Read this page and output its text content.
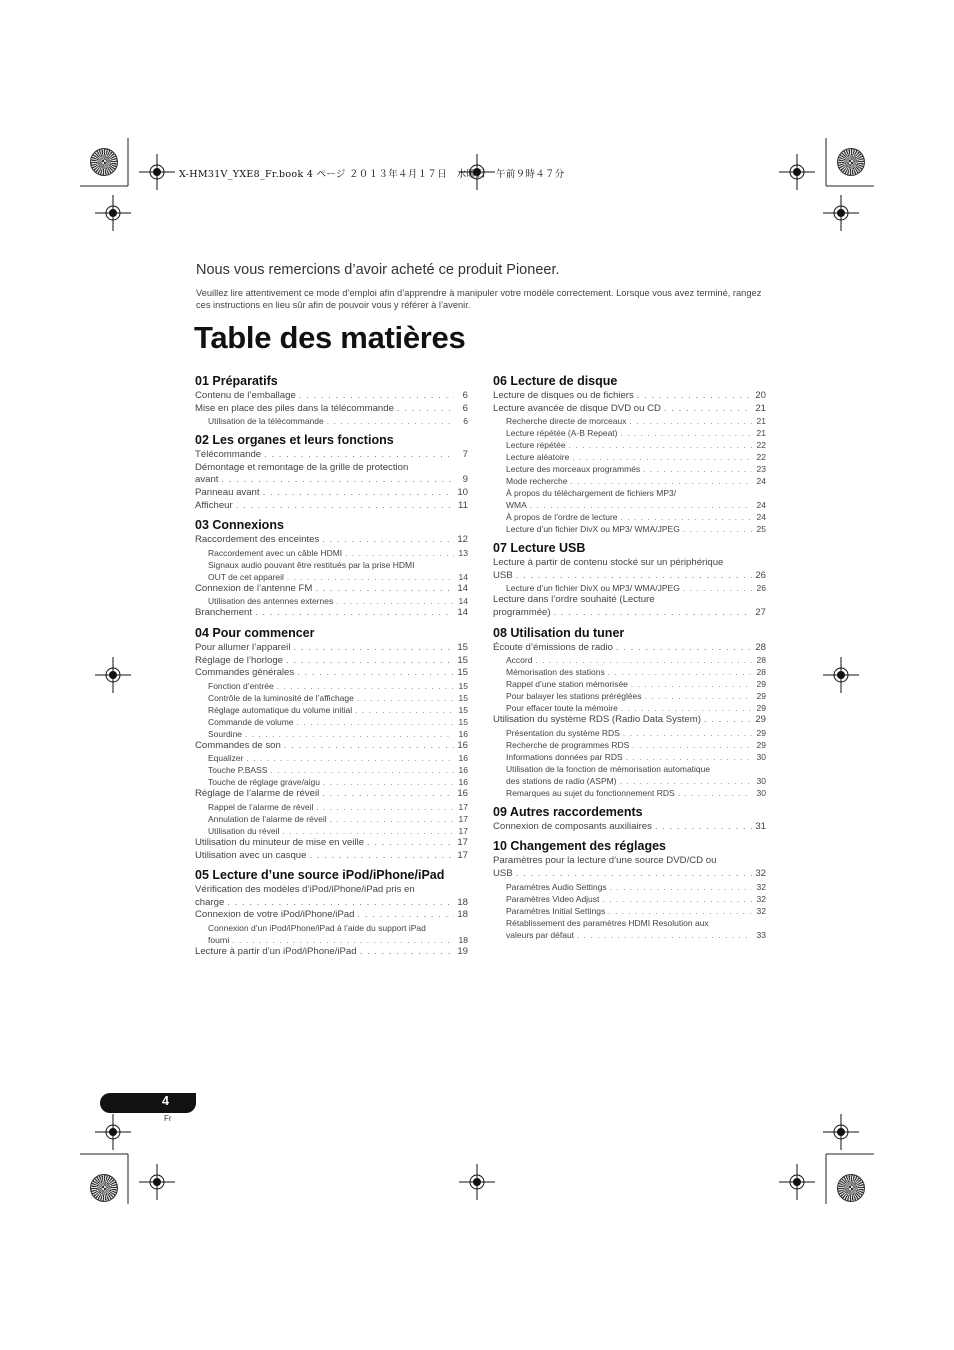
X-HM31V_YXE8_Fr.book 4 ページ ２０１３年４月１７日　水曜日　午前９時４７分
Nous vous remercions d’avoir acheté ce produit Pioneer.
Veuillez lire attentivement ce mode d’emploi afin d’apprendre à manipuler votre modèle correctement. Lorsque vous avez terminé, rangez ces instructions en lieu sûr afin de pouvoir vous y référer à l’avenir.
Table des matières
01 Préparatifs
Contenu de l’emballage . . .	6
Mise en place des piles dans la télécommande . . .	6
Utilisation de la télécommande . . .	6
02 Les organes et leurs fonctions
Télécommande . . .	7
Démontage et remontage de la grille de protection
avant . . .	9
Panneau avant . . .	10
Afficheur . . .	11
03 Connexions
Raccordement des enceintes . . .	12
Raccordement avec un câble HDMI . . .	13
Signaux audio pouvant être restitués par la prise HDMI
OUT de cet appareil . . .	14
Connexion de l’antenne FM . . .	14
Utilisation des antennes externes . . .	14
Branchement . . .	14
04 Pour commencer
Pour allumer l’appareil . . .	15
Réglage de l’horloge . . .	15
Commandes générales . . .	15
Fonction d’entrée . . .	15
Contrôle de la luminosité de l’affichage . . .	15
Réglage automatique du volume initial . . .	15
Commande de volume . . .	15
Sourdine . . .	16
Commandes de son . . .	16
Equalizer . . .	16
Touche P.BASS . . .	16
Touche de réglage grave/aigu . . .	16
Réglage de l’alarme de réveil . . .	16
Rappel de l’alarme de réveil . . .	17
Annulation de l’alarme de réveil . . .	17
Utilisation du réveil . . .	17
Utilisation du minuteur de mise en veille . . .	17
Utilisation avec un casque . . .	17
05 Lecture d’une source iPod/iPhone/iPad
Vérification des modèles d’iPod/iPhone/iPad pris en
charge . . .	18
Connexion de votre iPod/iPhone/iPad . . .	18
Connexion d’un iPod/iPhone/iPad à l’aide du support iPad
fourni . . .	18
Lecture à partir d’un iPod/iPhone/iPad . . .	19
06 Lecture de disque
Lecture de disques ou de fichiers . . .	20
Lecture avancée de disque DVD ou CD . . .	21
Recherche directe de morceaux . . .	21
Lecture répétée (A-B Repeat) . . .	21
Lecture répétée . . .	22
Lecture aléatoire . . .	22
Lecture des morceaux programmés . . .	23
Mode recherche . . .	24
À propos du téléchargement de fichiers MP3/
WMA . . .	24
À propos de l’ordre de lecture . . .	24
Lecture d’un fichier DivX ou MP3/ WMA/JPEG . . .	25
07 Lecture USB
Lecture à partir de contenu stocké sur un périphérique
USB . . .	26
Lecture d’un fichier DivX ou MP3/ WMA/JPEG . . .	26
Lecture dans l’ordre souhaité (Lecture
programmée) . . .	27
08 Utilisation du tuner
Écoute d’émissions de radio . . .	28
Accord . . .	28
Mémorisation des stations . . .	28
Rappel d’une station mémorisée . . .	29
Pour balayer les stations préréglées . . .	29
Pour effacer toute la mémoire . . .	29
Utilisation du système RDS (Radio Data System) . . .	29
Présentation du système RDS . . .	29
Recherche de programmes RDS . . .	29
Informations données par RDS . . .	30
Utilisation de la fonction de mémorisation automatique
des stations de radio (ASPM) . . .	30
Remarques au sujet du fonctionnement RDS . . .	30
09 Autres raccordements
Connexion de composants auxiliaires . . .	31
10 Changement des réglages
Paramètres pour la lecture d’une source DVD/CD ou
USB . . .	32
Paramètres Audio Settings . . .	32
Paramètres Video Adjust . . .	32
Paramètres Initial Settings . . .	32
Rétablissement des paramètres HDMI Resolution aux
valeurs par défaut . . .	33
4
Fr
